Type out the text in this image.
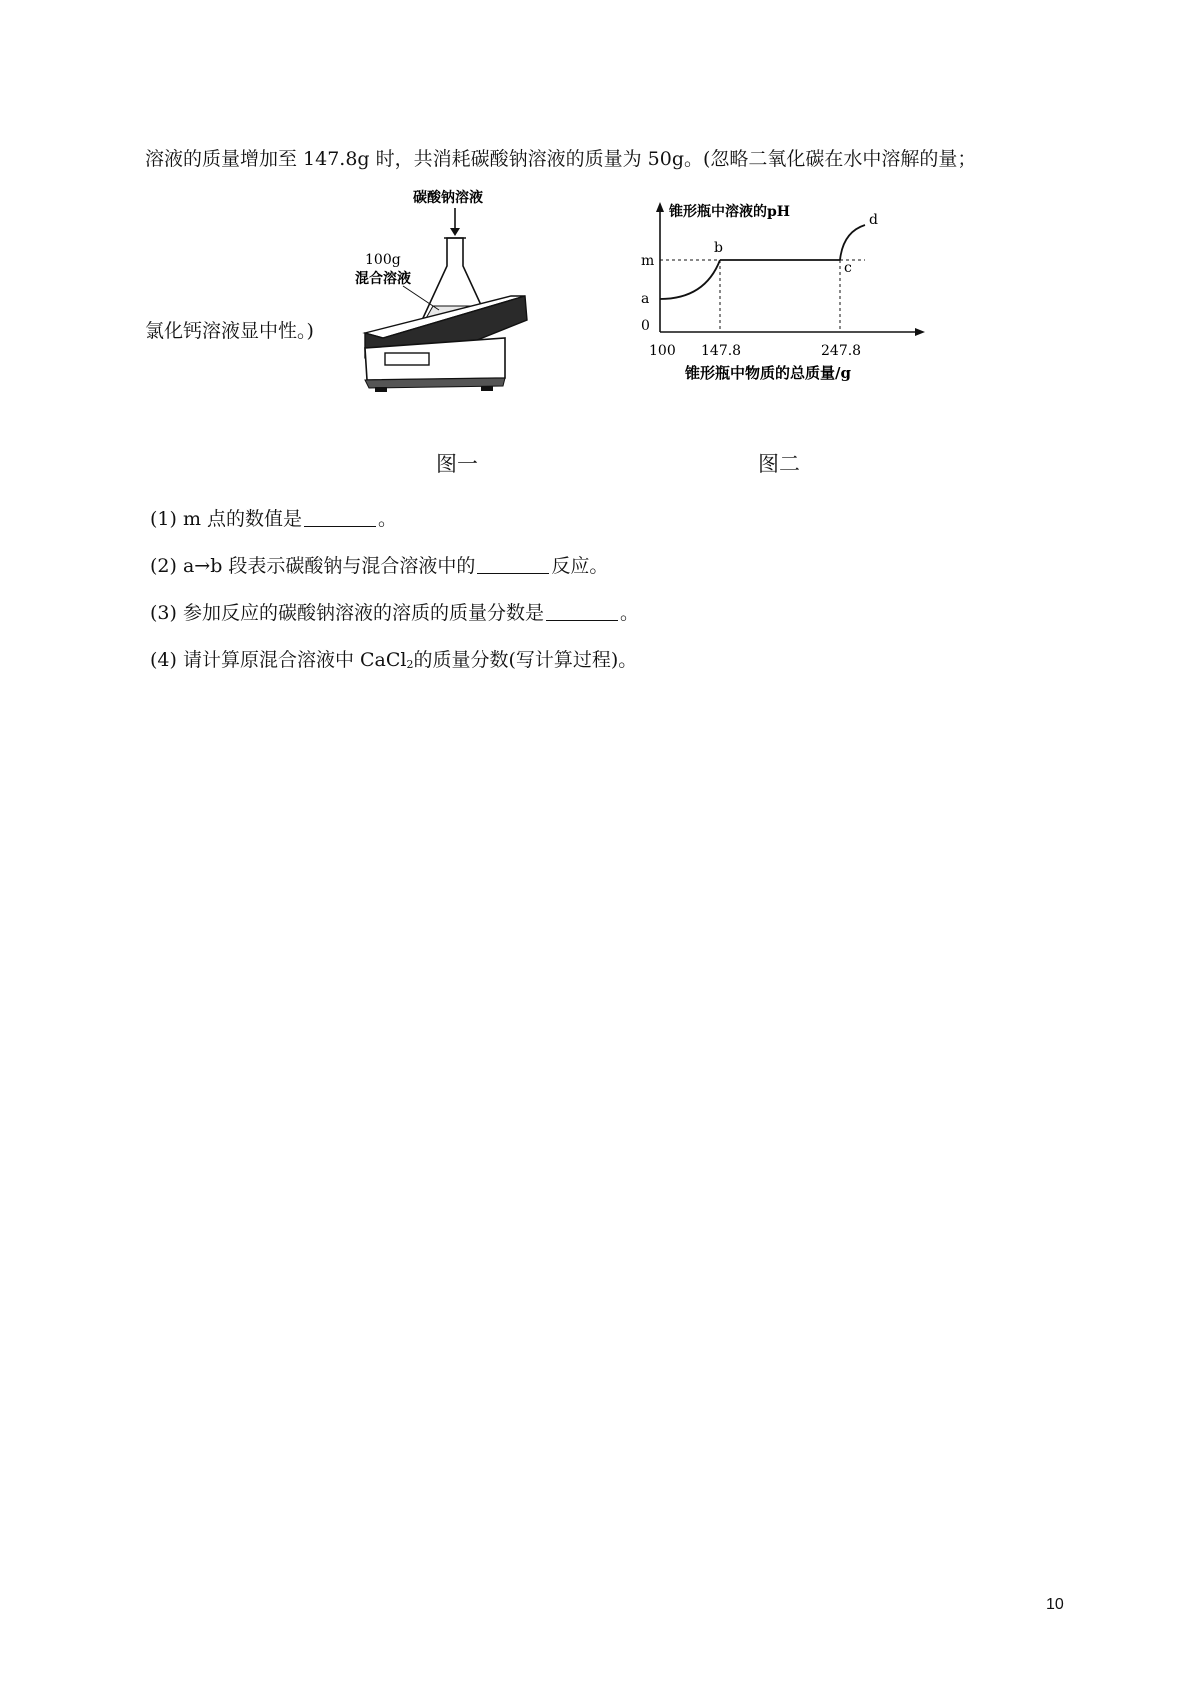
溶液的质量增加至 147.8g 时，共消耗碳酸钠溶液的质量为 50g。(忽略二氧化碳在水中溶解的量；
氯化钙溶液显中性。)
碳酸钠溶液
100g
混合溶液
锥形瓶中溶液的pH
m
a
0
b
c
d
100 147.8	247.8
锥形瓶中物质的总质量/g
图一	图二
(1) m 点的数值是	。
(2) a→b 段表示碳酸钠与混合溶液中的	反应。
(3) 参加反应的碳酸钠溶液的溶质的质量分数是	。
(4) 请计算原混合溶液中 CaCl$_2$的质量分数(写计算过程)。
10
